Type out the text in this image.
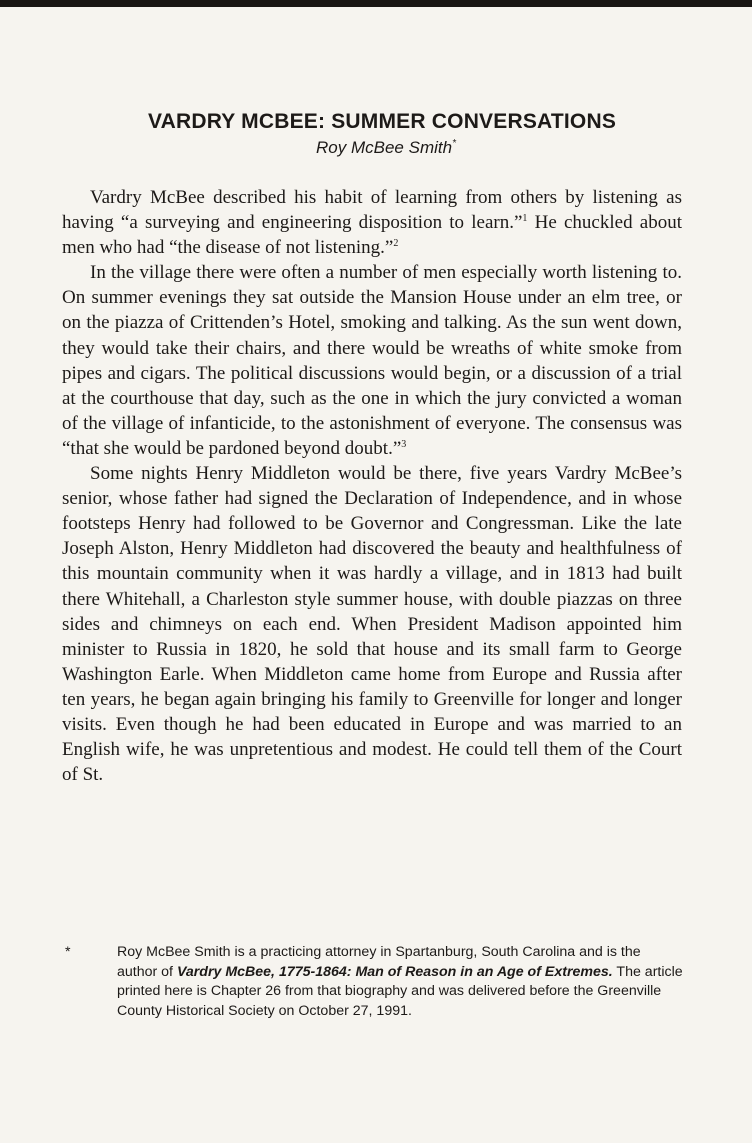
VARDRY MCBEE: SUMMER CONVERSATIONS
Roy McBee Smith*

Vardry McBee described his habit of learning from others by listening as having “a surveying and engineering disposition to learn.”$^1$ He chuckled about men who had “the disease of not listening.”$^2$

In the village there were often a number of men especially worth listening to. On summer evenings they sat outside the Mansion House under an elm tree, or on the piazza of Crittenden’s Hotel, smoking and talking. As the sun went down, they would take their chairs, and there would be wreaths of white smoke from pipes and cigars. The political discussions would begin, or a discussion of a trial at the courthouse that day, such as the one in which the jury convicted a woman of the village of infanticide, to the astonishment of everyone. The consensus was “that she would be pardoned beyond doubt.”$^3$

Some nights Henry Middleton would be there, five years Vardry McBee’s senior, whose father had signed the Declaration of Independence, and in whose footsteps Henry had followed to be Governor and Congressman. Like the late Joseph Alston, Henry Middleton had discovered the beauty and healthfulness of this mountain community when it was hardly a village, and in 1813 had built there Whitehall, a Charleston style summer house, with double piazzas on three sides and chimneys on each end. When President Madison appointed him minister to Russia in 1820, he sold that house and its small farm to George Washington Earle. When Middleton came home from Europe and Russia after ten years, he began again bringing his family to Greenville for longer and longer visits. Even though he had been educated in Europe and was married to an English wife, he was unpretentious and modest. He could tell them of the Court of St.

*	Roy McBee Smith is a practicing attorney in Spartanburg, South Carolina and is the author of Vardry McBee, 1775-1864: Man of Reason in an Age of Extremes. The article printed here is Chapter 26 from that biography and was delivered before the Greenville County Historical Society on October 27, 1991.
